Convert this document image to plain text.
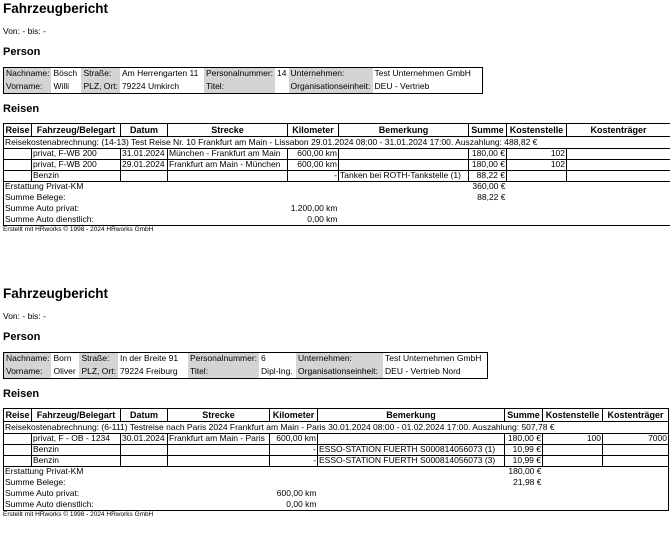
Fahrzeugbericht
Von: - bis: -
Person
Nachname:	Bösch	Straße:	Am Herrengarten 11	Personalnummer:	14	Unternehmen:	Test Unternehmen GmbH
Vorname:	Willi	PLZ, Ort:	79224 Umkirch	Titel:		Organisationseinheit:	DEU - Vertrieb
Reisen
Reise	Fahrzeug/Belegart	Datum	Strecke	Kilometer	Bemerkung	Summe	Kostenstelle	Kostenträger
Reisekostenabrechnung: (14-13) Test Reise Nr. 10 Frankfurt am Main - Lissabon 29.01.2024 08:00 - 31.01.2024 17:00. Auszahlung: 488,82 €								
	privat, F-WB 200	31.01.2024	München - Frankfurt am Main	600,00 km		180,00 €	102	
	privat, F-WB 200	29.01.2024	Frankfurt am Main - München	600,00 km		180,00 €	102	
	Benzin			-	Tanken bei ROTH-Tankstelle (1)	88,22 €		
Erstattung Privat-KM						360,00 €		
Summe Belege:						88,22 €		
Summe Auto privat:				1.200,00 km				
Summe Auto dienstlich:				0,00 km				
Erstellt mit HRworks © 1998 - 2024 HRworks GmbH
Fahrzeugbericht
Von: - bis: -
Person
Nachname:	Born	Straße:	In der Breite 91	Personalnummer:	6	Unternehmen:	Test Unternehmen GmbH
Vorname:	Oliver	PLZ, Ort:	79224 Freiburg	Titel:	Dipl-Ing.	Organisationseinheit:	DEU - Vertrieb Nord
Reisen
Reise	Fahrzeug/Belegart	Datum	Strecke	Kilometer	Bemerkung	Summe	Kostenstelle	Kostenträger
Reisekostenabrechnung: (6-111) Testreise nach Paris 2024 Frankfurt am Main - Paris 30.01.2024 08:00 - 01.02.2024 17:00. Auszahlung: 507,78 €								
	privat, F - OB - 1234	30.01.2024	Frankfurt am Main - Paris	600,00 km		180,00 €	100	7000
	Benzin			-	ESSO-STATION FUERTH S000814056073 (1)	10,99 €		
	Benzin			-	ESSO-STATION FUERTH S000814056073 (3)	10,99 €		
Erstattung Privat-KM						180,00 €		
Summe Belege:						21,98 €		
Summe Auto privat:				600,00 km				
Summe Auto dienstlich:				0,00 km				
Erstellt mit HRworks © 1998 - 2024 HRworks GmbH
